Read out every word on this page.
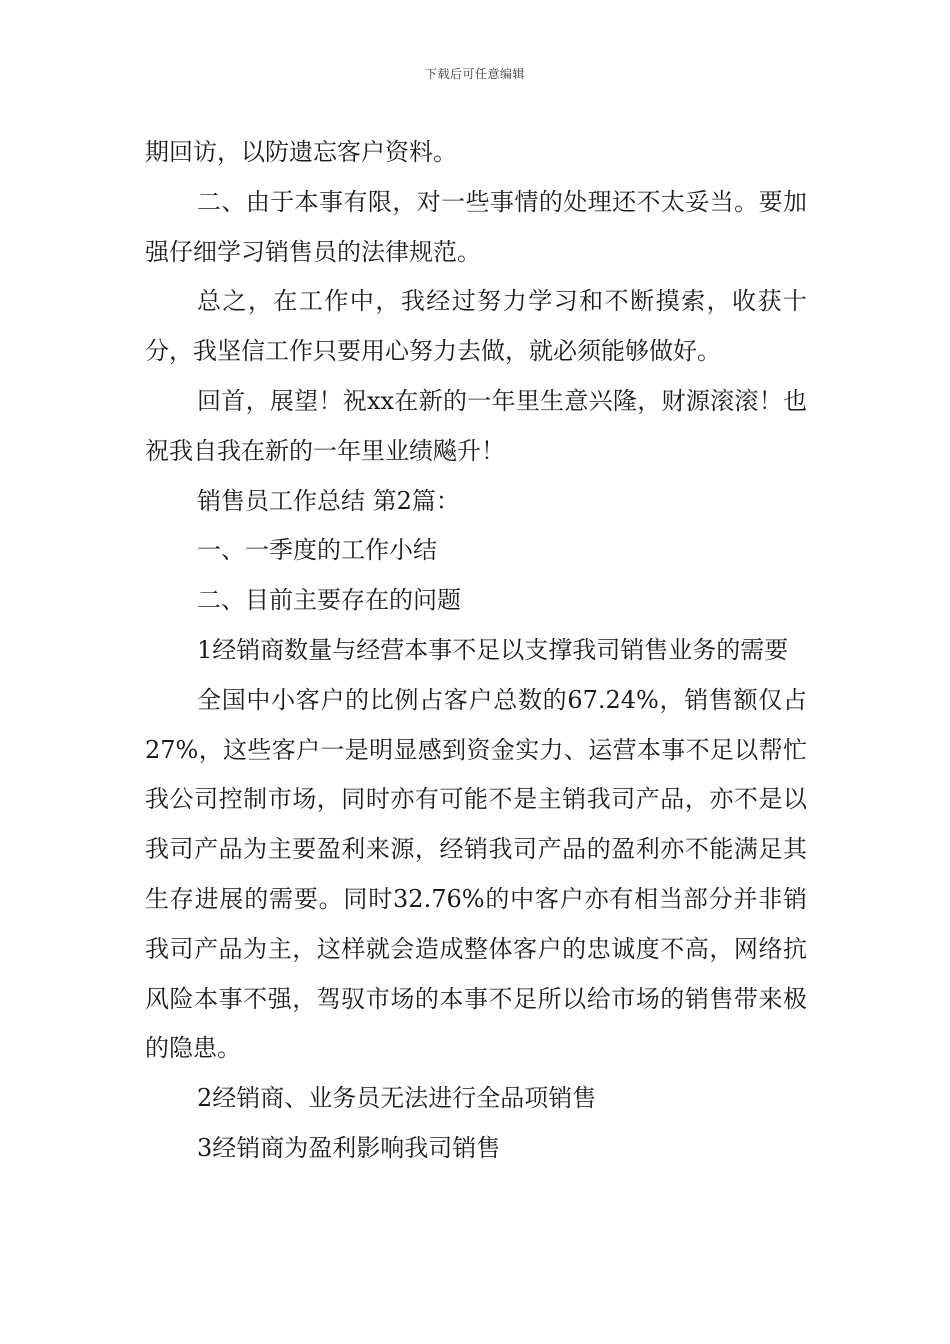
下载后可任意编辑

期回访，以防遗忘客户资料。

二、由于本事有限，对一些事情的处理还不太妥当。要加强仔细学习销售员的法律规范。

总之，在工作中，我经过努力学习和不断摸索，收获十分，我坚信工作只要用心努力去做，就必须能够做好。

回首，展望！祝xx在新的一年里生意兴隆，财源滚滚！也祝我自我在新的一年里业绩飚升！

销售员工作总结 第2篇：

一、一季度的工作小结

二、目前主要存在的问题

1经销商数量与经营本事不足以支撑我司销售业务的需要

全国中小客户的比例占客户总数的67.24%，销售额仅占27%，这些客户一是明显感到资金实力、运营本事不足以帮忙我公司控制市场，同时亦有可能不是主销我司产品，亦不是以我司产品为主要盈利来源，经销我司产品的盈利亦不能满足其生存进展的需要。同时32.76%的中客户亦有相当部分并非销我司产品为主，这样就会造成整体客户的忠诚度不高，网络抗风险本事不强，驾驭市场的本事不足所以给市场的销售带来极的隐患。

2经销商、业务员无法进行全品项销售

3经销商为盈利影响我司销售
